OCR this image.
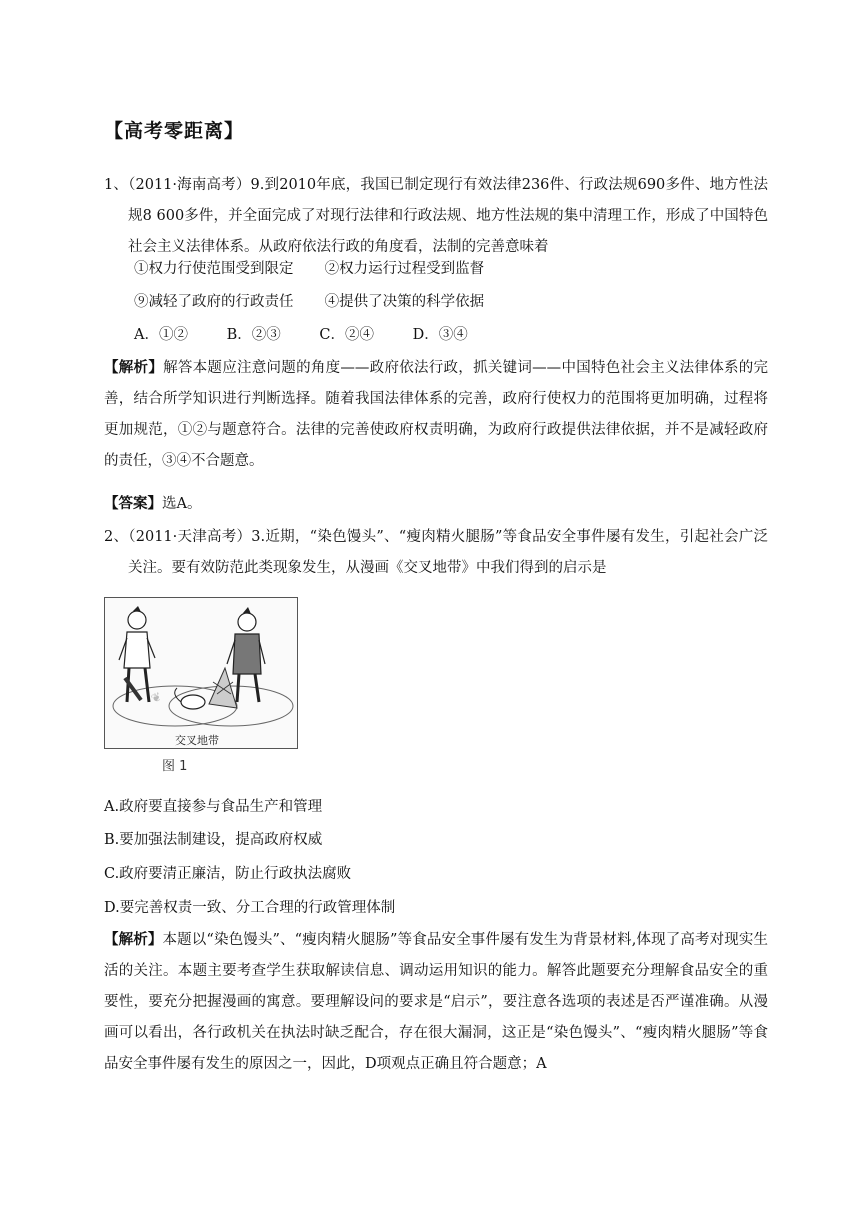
【高考零距离】
1、（2011·海南高考）9.到2010年底，我国已制定现行有效法律236件、行政法规690多件、地方性法规8 600多件，并全面完成了对现行法律和行政法规、地方性法规的集中清理工作，形成了中国特色社会主义法律体系。从政府依法行政的角度看，法制的完善意味着
①权力行使范围受到限定 ②权力运行过程受到监督
⑨减轻了政府的行政责任 ④提供了决策的科学依据
A．①②	B．②③	C．②④	D．③④
【解析】解答本题应注意问题的角度——政府依法行政，抓关键词——中国特色社会主义法律体系的完善，结合所学知识进行判断选择。随着我国法律体系的完善，政府行使权力的范围将更加明确，过程将更加规范，①②与题意符合。法律的完善使政府权责明确，为政府行政提供法律依据，并不是减轻政府的责任，③④不合题意。
【答案】选A。
2、（2011·天津高考）3.近期，“染色馒头”、“瘦肉精火腿肠”等食品安全事件屡有发生，引起社会广泛关注。要有效防范此类现象发生，从漫画《交叉地带》中我们得到的启示是
❦
交叉地带
图 1
A.政府要直接参与食品生产和管理
B.要加强法制建设，提高政府权威
C.政府要清正廉洁，防止行政执法腐败
D.要完善权责一致、分工合理的行政管理体制
【解析】本题以“染色馒头”、“瘦肉精火腿肠”等食品安全事件屡有发生为背景材料,体现了高考对现实生活的关注。本题主要考查学生获取解读信息、调动运用知识的能力。解答此题要充分理解食品安全的重要性，要充分把握漫画的寓意。要理解设问的要求是“启示”，要注意各选项的表述是否严谨准确。从漫画可以看出，各行政机关在执法时缺乏配合，存在很大漏洞，这正是“染色馒头”、“瘦肉精火腿肠”等食品安全事件屡有发生的原因之一，因此，D项观点正确且符合题意；A
